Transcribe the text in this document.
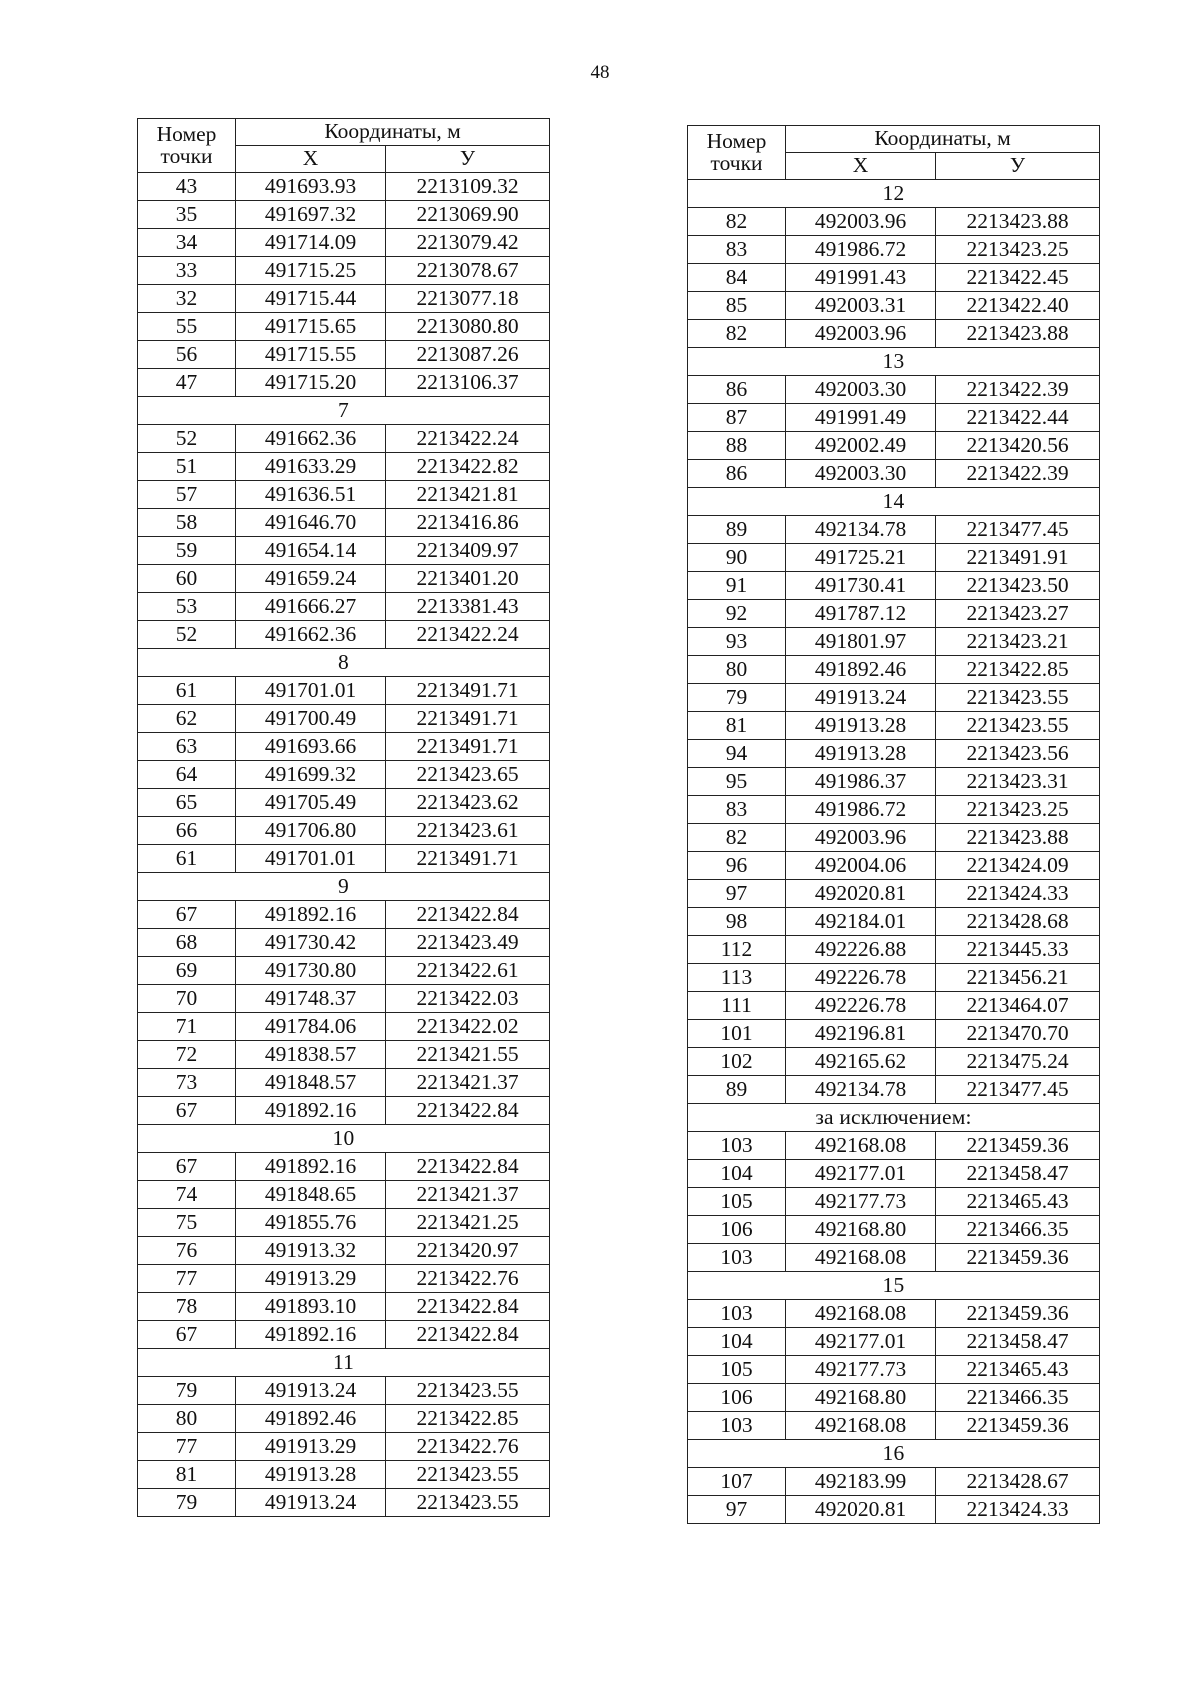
48
Номер
точки	Координаты, м	
	X	У
43	491693.93	2213109.32
35	491697.32	2213069.90
34	491714.09	2213079.42
33	491715.25	2213078.67
32	491715.44	2213077.18
55	491715.65	2213080.80
56	491715.55	2213087.26
47	491715.20	2213106.37
7		
52	491662.36	2213422.24
51	491633.29	2213422.82
57	491636.51	2213421.81
58	491646.70	2213416.86
59	491654.14	2213409.97
60	491659.24	2213401.20
53	491666.27	2213381.43
52	491662.36	2213422.24
8		
61	491701.01	2213491.71
62	491700.49	2213491.71
63	491693.66	2213491.71
64	491699.32	2213423.65
65	491705.49	2213423.62
66	491706.80	2213423.61
61	491701.01	2213491.71
9		
67	491892.16	2213422.84
68	491730.42	2213423.49
69	491730.80	2213422.61
70	491748.37	2213422.03
71	491784.06	2213422.02
72	491838.57	2213421.55
73	491848.57	2213421.37
67	491892.16	2213422.84
10		
67	491892.16	2213422.84
74	491848.65	2213421.37
75	491855.76	2213421.25
76	491913.32	2213420.97
77	491913.29	2213422.76
78	491893.10	2213422.84
67	491892.16	2213422.84
11		
79	491913.24	2213423.55
80	491892.46	2213422.85
77	491913.29	2213422.76
81	491913.28	2213423.55
79	491913.24	2213423.55
Номер
точки	Координаты, м	
	X	У
12		
82	492003.96	2213423.88
83	491986.72	2213423.25
84	491991.43	2213422.45
85	492003.31	2213422.40
82	492003.96	2213423.88
13		
86	492003.30	2213422.39
87	491991.49	2213422.44
88	492002.49	2213420.56
86	492003.30	2213422.39
14		
89	492134.78	2213477.45
90	491725.21	2213491.91
91	491730.41	2213423.50
92	491787.12	2213423.27
93	491801.97	2213423.21
80	491892.46	2213422.85
79	491913.24	2213423.55
81	491913.28	2213423.55
94	491913.28	2213423.56
95	491986.37	2213423.31
83	491986.72	2213423.25
82	492003.96	2213423.88
96	492004.06	2213424.09
97	492020.81	2213424.33
98	492184.01	2213428.68
112	492226.88	2213445.33
113	492226.78	2213456.21
111	492226.78	2213464.07
101	492196.81	2213470.70
102	492165.62	2213475.24
89	492134.78	2213477.45
за исключением:		
103	492168.08	2213459.36
104	492177.01	2213458.47
105	492177.73	2213465.43
106	492168.80	2213466.35
103	492168.08	2213459.36
15		
103	492168.08	2213459.36
104	492177.01	2213458.47
105	492177.73	2213465.43
106	492168.80	2213466.35
103	492168.08	2213459.36
16		
107	492183.99	2213428.67
97	492020.81	2213424.33
